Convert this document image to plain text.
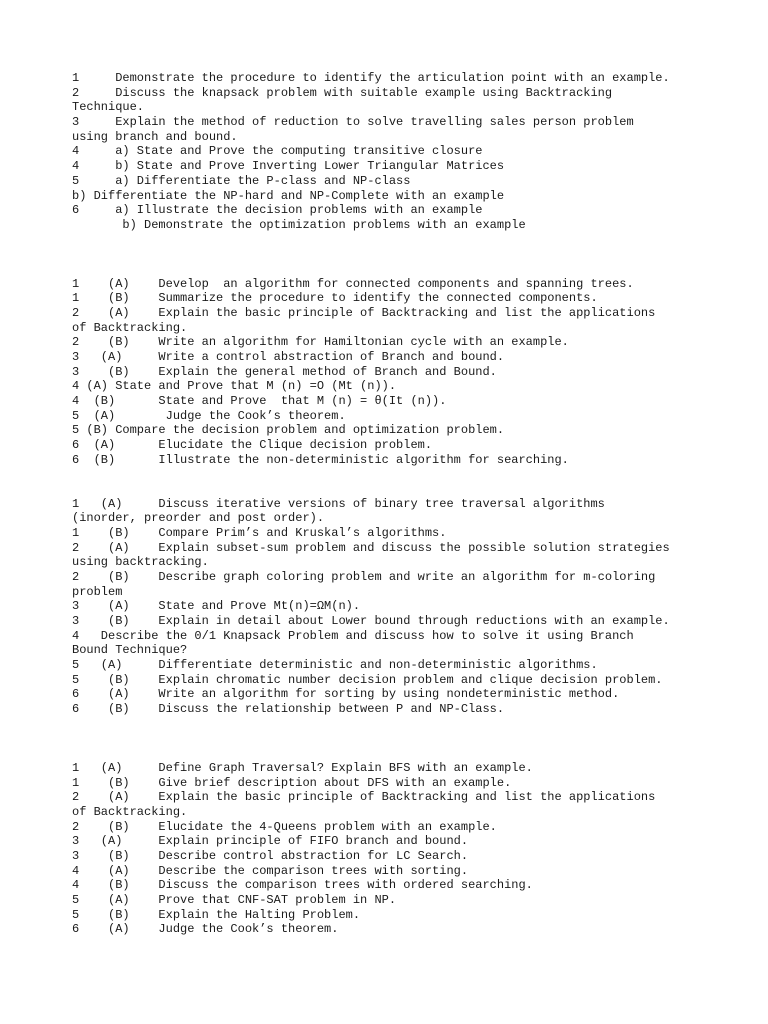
1     Demonstrate the procedure to identify the articulation point with an example.
2     Discuss the knapsack problem with suitable example using Backtracking
Technique.
3     Explain the method of reduction to solve travelling sales person problem
using branch and bound.
4     a) State and Prove the computing transitive closure
4     b) State and Prove Inverting Lower Triangular Matrices
5     a) Differentiate the P-class and NP-class
b) Differentiate the NP-hard and NP-Complete with an example
6     a) Illustrate the decision problems with an example
b) Demonstrate the optimization problems with an example
1    (A)    Develop  an algorithm for connected components and spanning trees.
1    (B)    Summarize the procedure to identify the connected components.
2    (A)    Explain the basic principle of Backtracking and list the applications
of Backtracking.
2    (B)    Write an algorithm for Hamiltonian cycle with an example.
3   (A)     Write a control abstraction of Branch and bound.
3    (B)    Explain the general method of Branch and Bound.
4 (A) State and Prove that M (n) =O (Mt (n)).
4  (B)      State and Prove  that M (n) = θ(It (n)).
5  (A)       Judge the Cook’s theorem.
5 (B) Compare the decision problem and optimization problem.
6  (A)      Elucidate the Clique decision problem.
6  (B)      Illustrate the non-deterministic algorithm for searching.
1   (A)     Discuss iterative versions of binary tree traversal algorithms
(inorder, preorder and post order).
1    (B)    Compare Prim’s and Kruskal’s algorithms.
2    (A)    Explain subset-sum problem and discuss the possible solution strategies
using backtracking.
2    (B)    Describe graph coloring problem and write an algorithm for m-coloring
problem
3    (A)    State and Prove Mt(n)=ΩM(n).
3    (B)    Explain in detail about Lower bound through reductions with an example.
4   Describe the 0/1 Knapsack Problem and discuss how to solve it using Branch
Bound Technique?
5   (A)     Differentiate deterministic and non-deterministic algorithms.
5    (B)    Explain chromatic number decision problem and clique decision problem.
6    (A)    Write an algorithm for sorting by using nondeterministic method.
6    (B)    Discuss the relationship between P and NP-Class.
1   (A)     Define Graph Traversal? Explain BFS with an example.
1    (B)    Give brief description about DFS with an example.
2    (A)    Explain the basic principle of Backtracking and list the applications
of Backtracking.
2    (B)    Elucidate the 4-Queens problem with an example.
3   (A)     Explain principle of FIFO branch and bound.
3    (B)    Describe control abstraction for LC Search.
4    (A)    Describe the comparison trees with sorting.
4    (B)    Discuss the comparison trees with ordered searching.
5    (A)    Prove that CNF-SAT problem in NP.
5    (B)    Explain the Halting Problem.
6    (A)    Judge the Cook’s theorem.
